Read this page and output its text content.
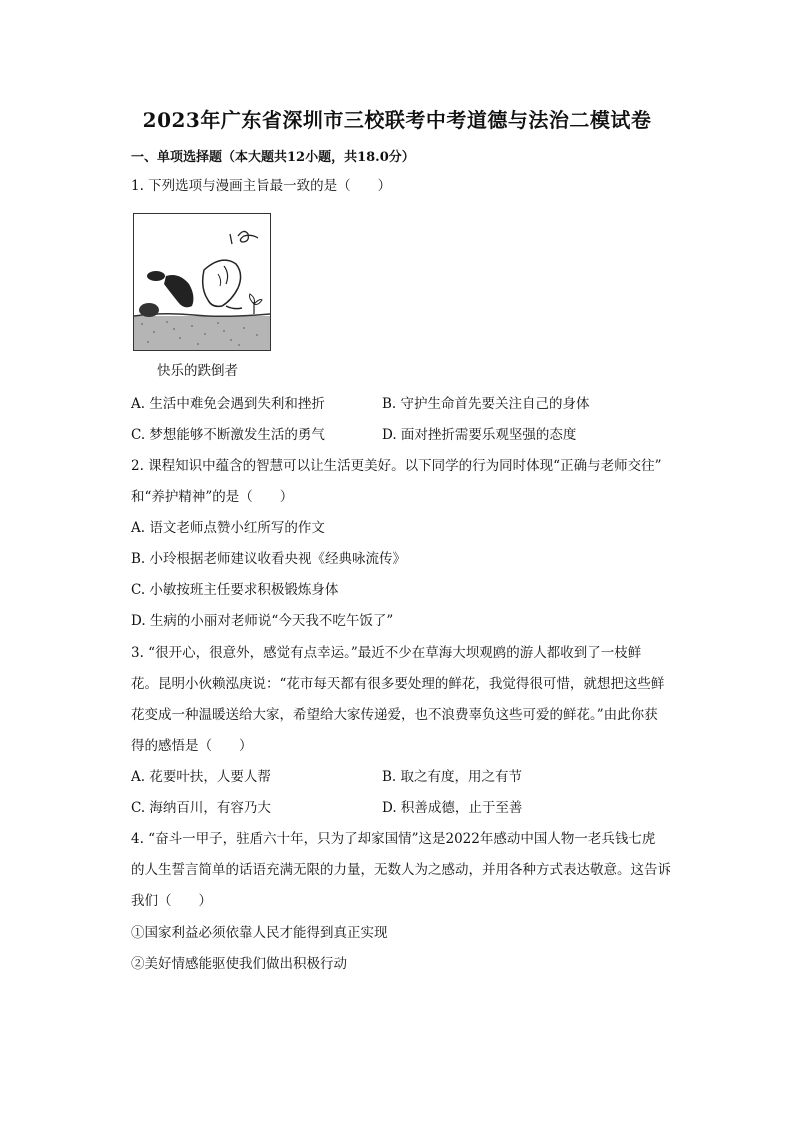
2023年广东省深圳市三校联考中考道德与法治二模试卷
一、单项选择题（本大题共12小题，共18.0分）
1. 下列选项与漫画主旨最一致的是（　　）
快乐的跌倒者
A. 生活中难免会遇到失利和挫折	B. 守护生命首先要关注自己的身体
C. 梦想能够不断激发生活的勇气	D. 面对挫折需要乐观坚强的态度
2. 课程知识中蕴含的智慧可以让生活更美好。以下同学的行为同时体现“正确与老师交往”
和“养护精神”的是（　　）
A. 语文老师点赞小红所写的作文
B. 小玲根据老师建议收看央视《经典咏流传》
C. 小敏按班主任要求积极锻炼身体
D. 生病的小丽对老师说“今天我不吃午饭了”
3. “很开心，很意外，感觉有点幸运。”最近不少在草海大坝观鸥的游人都收到了一枝鲜
花。昆明小伙赖泓庚说：“花市每天都有很多要处理的鲜花，我觉得很可惜，就想把这些鲜
花变成一种温暖送给大家，希望给大家传递爱，也不浪费辜负这些可爱的鲜花。”由此你获
得的感悟是（　　）
A. 花要叶扶，人要人帮	B. 取之有度，用之有节
C. 海纳百川，有容乃大	D. 积善成德，止于至善
4. “奋斗一甲子，驻盾六十年，只为了却家国情”这是2022年感动中国人物一老兵钱七虎
的人生誓言简单的话语充满无限的力量，无数人为之感动，并用各种方式表达敬意。这告诉
我们（　　）
①国家利益必须依靠人民才能得到真正实现
②美好情感能驱使我们做出积极行动
